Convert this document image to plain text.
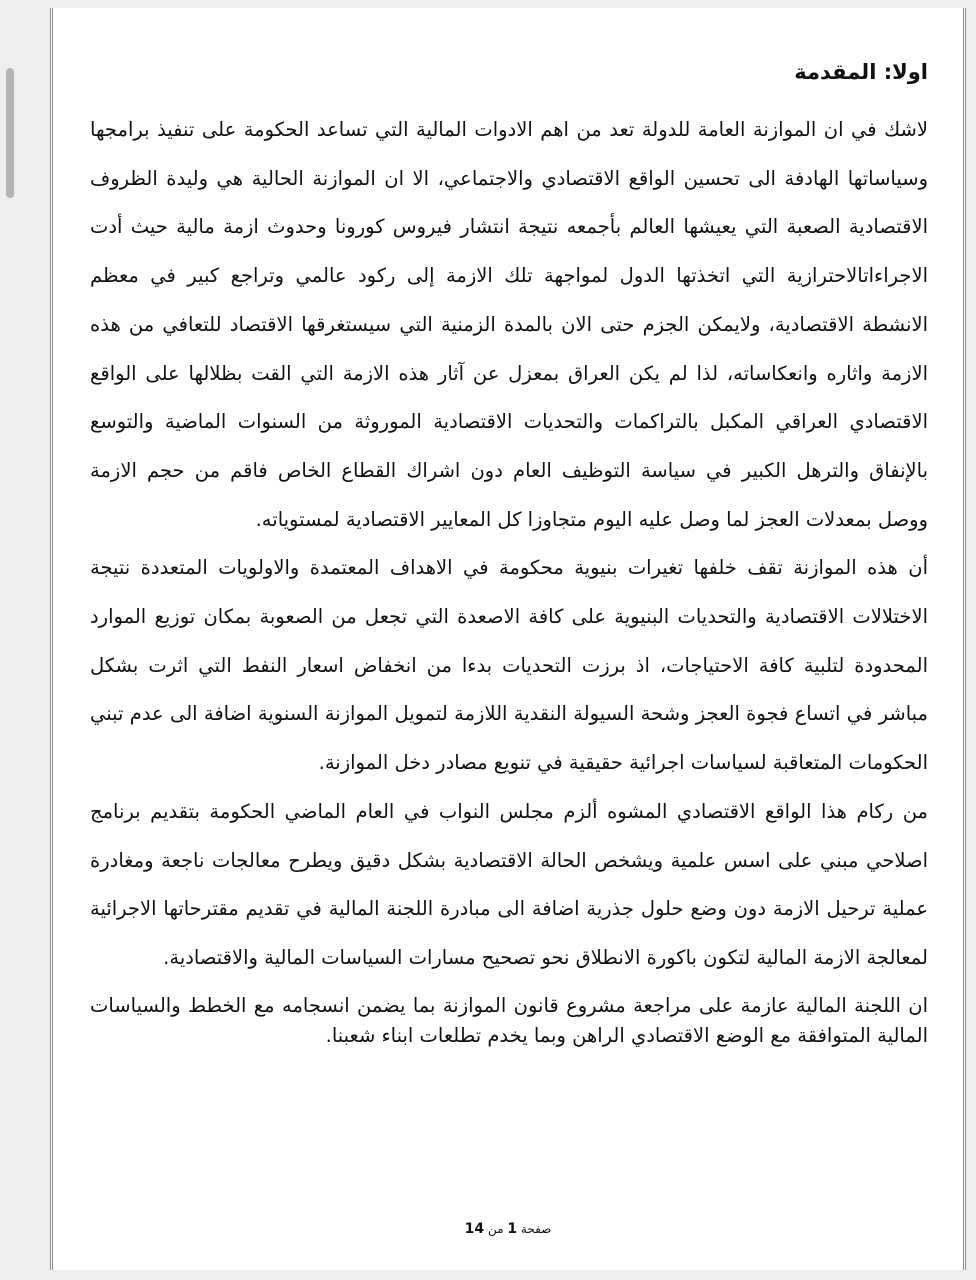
اولا: المقدمة

لاشك في ان الموازنة العامة للدولة تعد من اهم الادوات المالية التي تساعد الحكومة على تنفيذ برامجها وسياساتها الهادفة الى تحسين الواقع الاقتصادي والاجتماعي، الا ان الموازنة الحالية هي وليدة الظروف الاقتصادية الصعبة التي يعيشها العالم بأجمعه نتيجة انتشار فيروس كورونا وحدوث ازمة مالية حيث أدت الاجراءاتالاحترازية التي اتخذتها الدول لمواجهة تلك الازمة إلى ركود عالمي وتراجع كبير في معظم الانشطة الاقتصادية، ولايمكن الجزم حتى الان بالمدة الزمنية التي سيستغرقها الاقتصاد للتعافي من هذه الازمة واثاره وانعكاساته، لذا لم يكن العراق بمعزل عن آثار هذه الازمة التي القت بظلالها على الواقع الاقتصادي العراقي المكبل بالتراكمات والتحديات الاقتصادية الموروثة من السنوات الماضية والتوسع بالإنفاق والترهل الكبير في سياسة التوظيف العام دون اشراك القطاع الخاص فاقم من حجم الازمة ووصل بمعدلات العجز لما وصل عليه اليوم متجاوزا كل المعايير الاقتصادية لمستوياته.

أن هذه الموازنة تقف خلفها تغيرات بنيوية محكومة في الاهداف المعتمدة والاولويات المتعددة نتيجة الاختلالات الاقتصادية والتحديات البنيوية على كافة الاصعدة التي تجعل من الصعوبة بمكان توزيع الموارد المحدودة لتلبية كافة الاحتياجات، اذ برزت التحديات بدءا من انخفاض اسعار النفط التي اثرت بشكل مباشر في اتساع فجوة العجز وشحة السيولة النقدية اللازمة لتمويل الموازنة السنوية اضافة الى عدم تبني الحكومات المتعاقبة لسياسات اجرائية حقيقية في تنويع مصادر دخل الموازنة.

من ركام هذا الواقع الاقتصادي المشوه ألزم مجلس النواب في العام الماضي الحكومة بتقديم برنامج اصلاحي مبني على اسس علمية ويشخص الحالة الاقتصادية بشكل دقيق ويطرح معالجات ناجعة ومغادرة عملية ترحيل الازمة دون وضع حلول جذرية اضافة الى مبادرة اللجنة المالية في تقديم مقترحاتها الاجرائية لمعالجة الازمة المالية لتكون باكورة الانطلاق نحو تصحيح مسارات السياسات المالية والاقتصادية.

ان اللجنة المالية عازمة على مراجعة مشروع قانون الموازنة بما يضمن انسجامه مع الخطط والسياسات المالية المتوافقة مع الوضع الاقتصادي الراهن وبما يخدم تطلعات ابناء شعبنا.

صفحة 1 من 14
